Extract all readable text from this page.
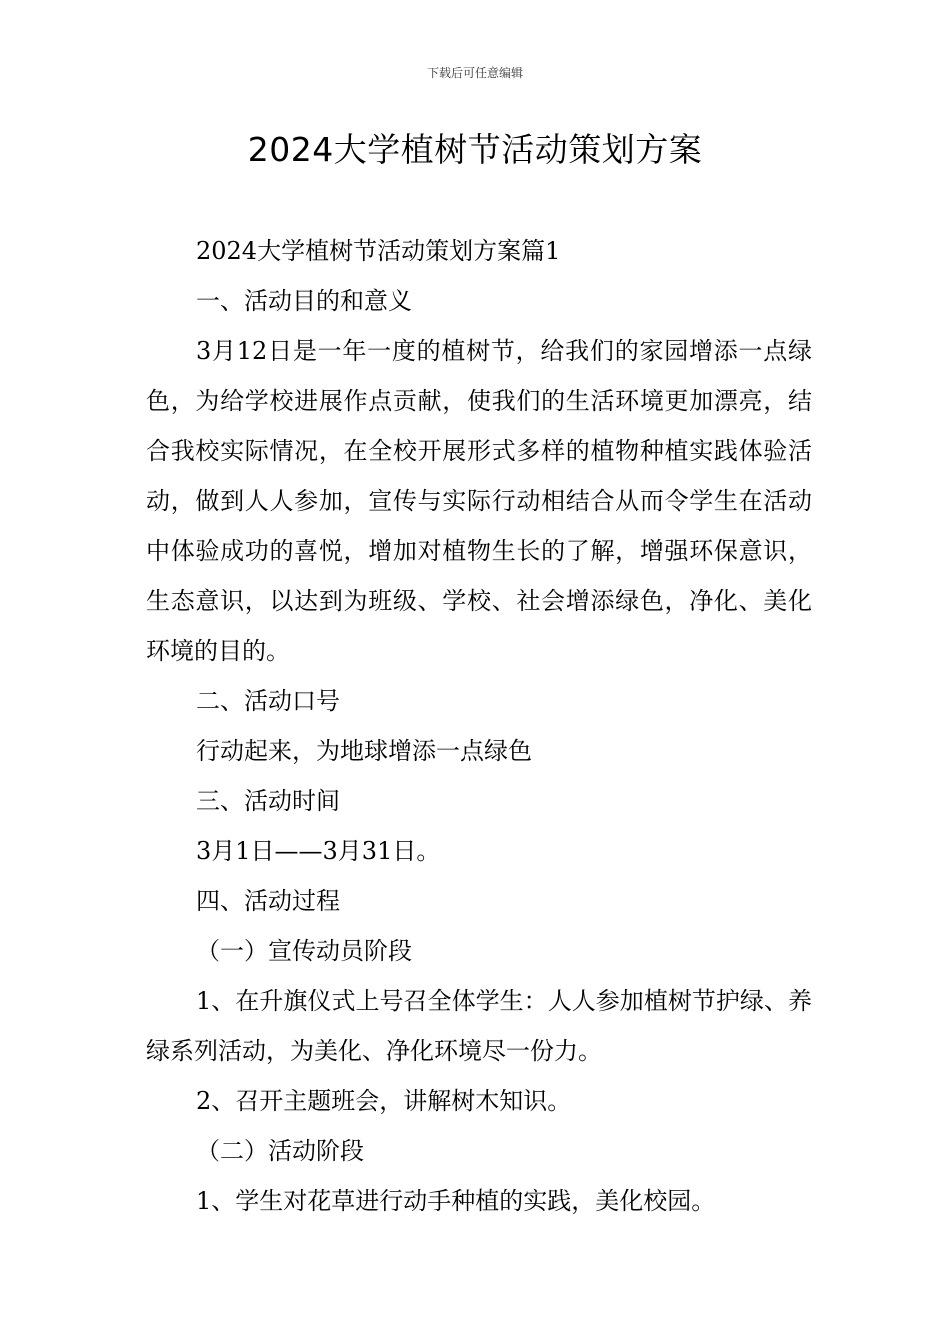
下载后可任意编辑
2024大学植树节活动策划方案

2024大学植树节活动策划方案篇1

一、活动目的和意义

3月12日是一年一度的植树节，给我们的家园增添一点绿色，为给学校进展作点贡献，使我们的生活环境更加漂亮，结合我校实际情况，在全校开展形式多样的植物种植实践体验活动，做到人人参加，宣传与实际行动相结合从而令学生在活动中体验成功的喜悦，增加对植物生长的了解，增强环保意识，生态意识，以达到为班级、学校、社会增添绿色，净化、美化环境的目的。

二、活动口号

行动起来，为地球增添一点绿色

三、活动时间

3月1日——3月31日。

四、活动过程

（一）宣传动员阶段

1、在升旗仪式上号召全体学生：人人参加植树节护绿、养绿系列活动，为美化、净化环境尽一份力。

2、召开主题班会，讲解树木知识。

（二）活动阶段

1、学生对花草进行动手种植的实践，美化校园。
